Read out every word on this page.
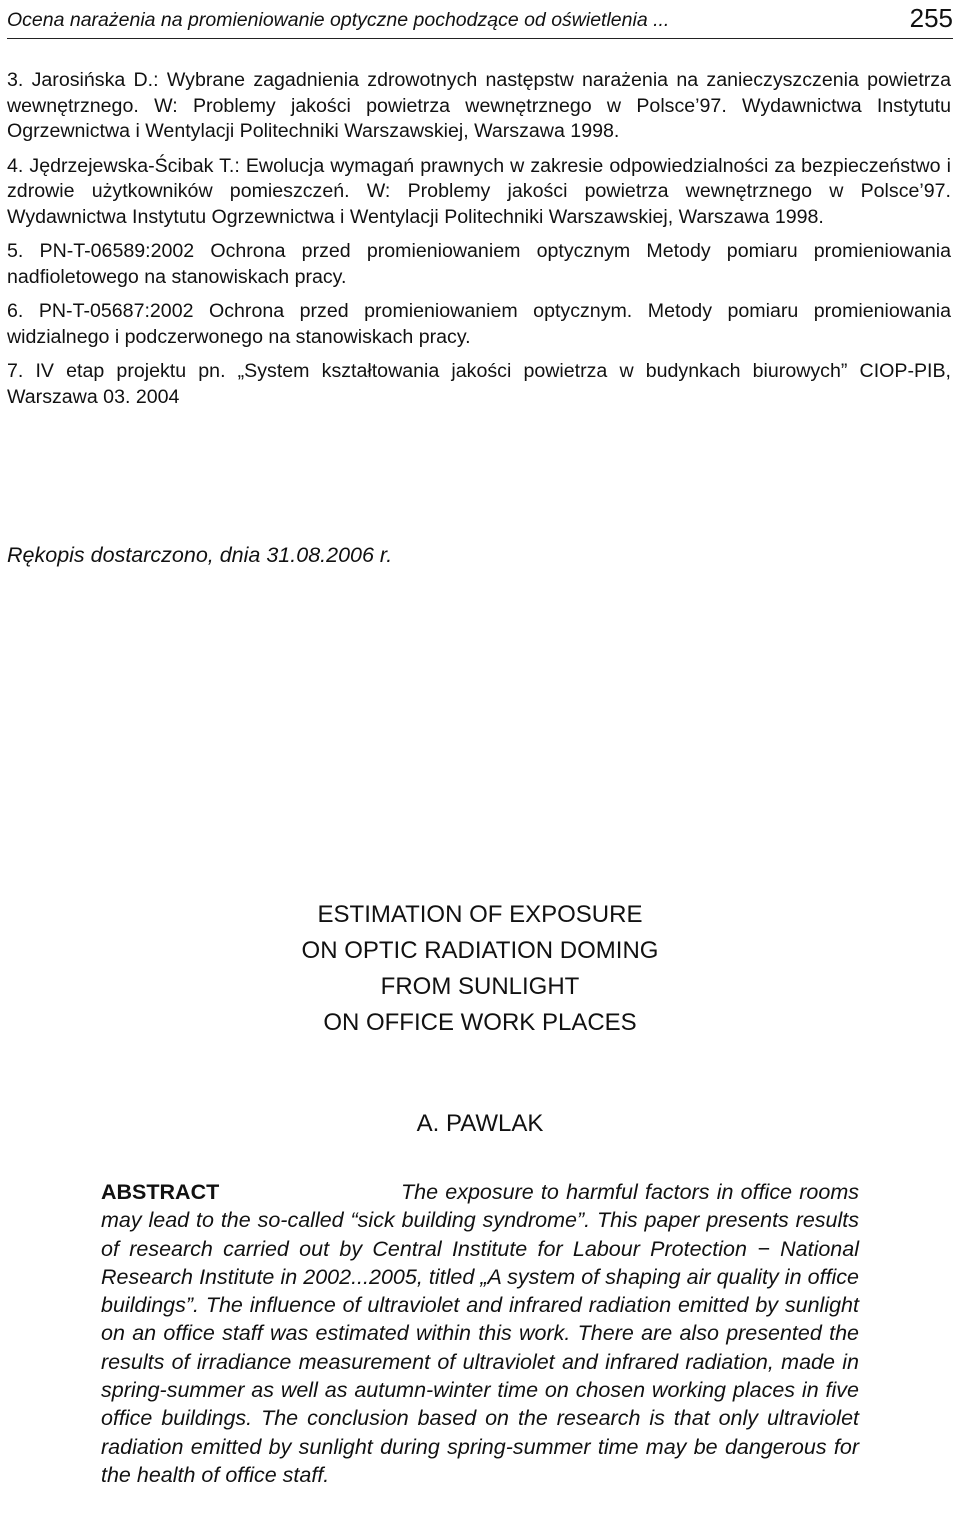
Ocena narażenia na promieniowanie optyczne pochodzące od oświetlenia ...	255

3. Jarosińska D.: Wybrane zagadnienia zdrowotnych następstw narażenia na zanieczyszczenia powietrza wewnętrznego. W: Problemy jakości powietrza wewnętrznego w Polsce’97. Wydawnictwa Instytutu Ogrzewnictwa i Wentylacji Politechniki Warszawskiej, Warszawa 1998.

4. Jędrzejewska-Ścibak T.: Ewolucja wymagań prawnych w zakresie odpowiedzialności za bezpieczeństwo i zdrowie użytkowników pomieszczeń. W: Problemy jakości powietrza wewnętrznego w Polsce’97. Wydawnictwa Instytutu Ogrzewnictwa i Wentylacji Politechniki Warszawskiej, Warszawa 1998.

5. PN-T-06589:2002 Ochrona przed promieniowaniem optycznym Metody pomiaru promieniowania nadfioletowego na stanowiskach pracy.

6. PN-T-05687:2002 Ochrona przed promieniowaniem optycznym. Metody pomiaru promieniowania widzialnego i podczerwonego na stanowiskach pracy.

7. IV etap projektu pn. „System kształtowania jakości powietrza w budynkach biurowych” CIOP-PIB, Warszawa 03. 2004

Rękopis dostarczono, dnia 31.08.2006 r.
ESTIMATION OF EXPOSURE
ON OPTIC RADIATION DOMING
FROM SUNLIGHT
ON OFFICE WORK PLACES
A. PAWLAK
ABSTRACT	The exposure to harmful factors in office rooms may lead to the so-called “sick building syndrome”. This paper presents results of research carried out by Central Institute for Labour Protection − National Research Institute in 2002...2005, titled „A system of shaping air quality in office buildings”. The influence of ultraviolet and infrared radiation emitted by sunlight on an office staff was estimated within this work. There are also presented the results of irradiance measurement of ultraviolet and infrared radiation, made in spring-summer as well as autumn-winter time on chosen working places in five office buildings. The conclusion based on the research is that only ultraviolet radiation emitted by sunlight during spring-summer time may be dangerous for the health of office staff.
